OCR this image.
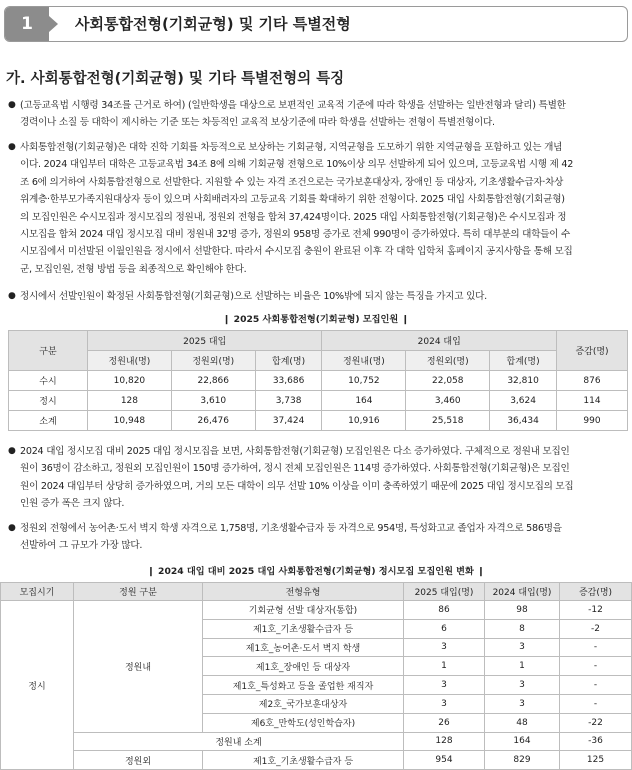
1	사회통합전형(기회균형) 및 기타 특별전형
가. 사회통합전형(기회균형) 및 기타 특별전형의 특징
● (고등교육법 시행령 34조를 근거로 하여) (일반학생을 대상으로 보편적인 교육적 기준에 따라 학생을 선발하는 일반전형과 달리) 특별한
경력이나 소질 등 대학이 제시하는 기준 또는 차등적인 교육적 보상기준에 따라 학생을 선발하는 전형이 특별전형이다.
● 사회통합전형(기회균형)은 대학 진학 기회를 차등적으로 보상하는 기회균형, 지역균형을 도모하기 위한 지역균형을 포함하고 있는 개념
이다. 2024 대입부터 대학은 고등교육법 34조 8에 의해 기회균형 전형으로 10%이상 의무 선발하게 되어 있으며, 고등교육법 시행 제 42
조 6에 의거하여 사회통합전형으로 선발한다. 지원할 수 있는 자격 조건으로는 국가보훈대상자, 장애인 등 대상자, 기초생활수급자·차상
위계층·한부모가족지원대상자 등이 있으며 사회배려자의 고등교육 기회를 확대하기 위한 전형이다. 2025 대입 사회통합전형(기회균형)
의 모집인원은 수시모집과 정시모집의 정원내, 정원외 전형을 합쳐 37,424명이다. 2025 대입 사회통합전형(기회균형)은 수시모집과 정
시모집을 합쳐 2024 대입 정시모집 대비 정원내 32명 증가, 정원외 958명 증가로 전체 990명이 증가하였다. 특히 대부분의 대학들이 수
시모집에서 미선발된 이월인원을 정시에서 선발한다. 따라서 수시모집 충원이 완료된 이후 각 대학 입학처 홈페이지 공지사항을 통해 모집
군, 모집인원, 전형 방법 등을 최종적으로 확인해야 한다.
● 정시에서 선발인원이 확정된 사회통합전형(기회균형)으로 선발하는 비율은 10%밖에 되지 않는 특징을 가지고 있다.
❙ 2025 사회통합전형(기회균형) 모집인원 ❙
구분	2025 대입			2024 대입			증감(명)
	정원내(명)	정원외(명)	합계(명)	정원내(명)	정원외(명)	합계(명)	
수시	10,820	22,866	33,686	10,752	22,058	32,810	876
정시	128	3,610	3,738	164	3,460	3,624	114
소계	10,948	26,476	37,424	10,916	25,518	36,434	990
● 2024 대입 정시모집 대비 2025 대입 정시모집을 보면, 사회통합전형(기회균형) 모집인원은 다소 증가하였다. 구체적으로 정원내 모집인
원이 36명이 감소하고, 정원외 모집인원이 150명 증가하여, 정시 전체 모집인원은 114명 증가하였다. 사회통합전형(기회균형)은 모집인
원이 2024 대입부터 상당히 증가하였으며, 거의 모든 대학이 의무 선발 10% 이상을 이미 충족하였기 때문에 2025 대입 정시모집의 모집
인원 증가 폭은 크지 않다.
● 정원외 전형에서 농어촌·도서 벽지 학생 자격으로 1,758명, 기초생활수급자 등 자격으로 954명, 특성화고교 졸업자 자격으로 586명을
선발하여 그 규모가 가장 많다.
❙ 2024 대입 대비 2025 대입 사회통합전형(기회균형) 정시모집 모집인원 변화 ❙
모집시기	정원 구분	전형유형	2025 대입(명)	2024 대입(명)	증감(명)
정시	정원내	기회균형 선발 대상자(통합)	86	98	-12
		제1호_기초생활수급자 등	6	8	-2
		제1호_농어촌·도서 벽지 학생	3	3	-
		제1호_장애인 등 대상자	1	1	-
		제1호_특성화고 등을 졸업한 재직자	3	3	-
		제2호_국가보훈대상자	3	3	-
		제6호_만학도(성인학습자)	26	48	-22
	정원내 소계		128	164	-36
	정원외	제1호_기초생활수급자 등	954	829	125
